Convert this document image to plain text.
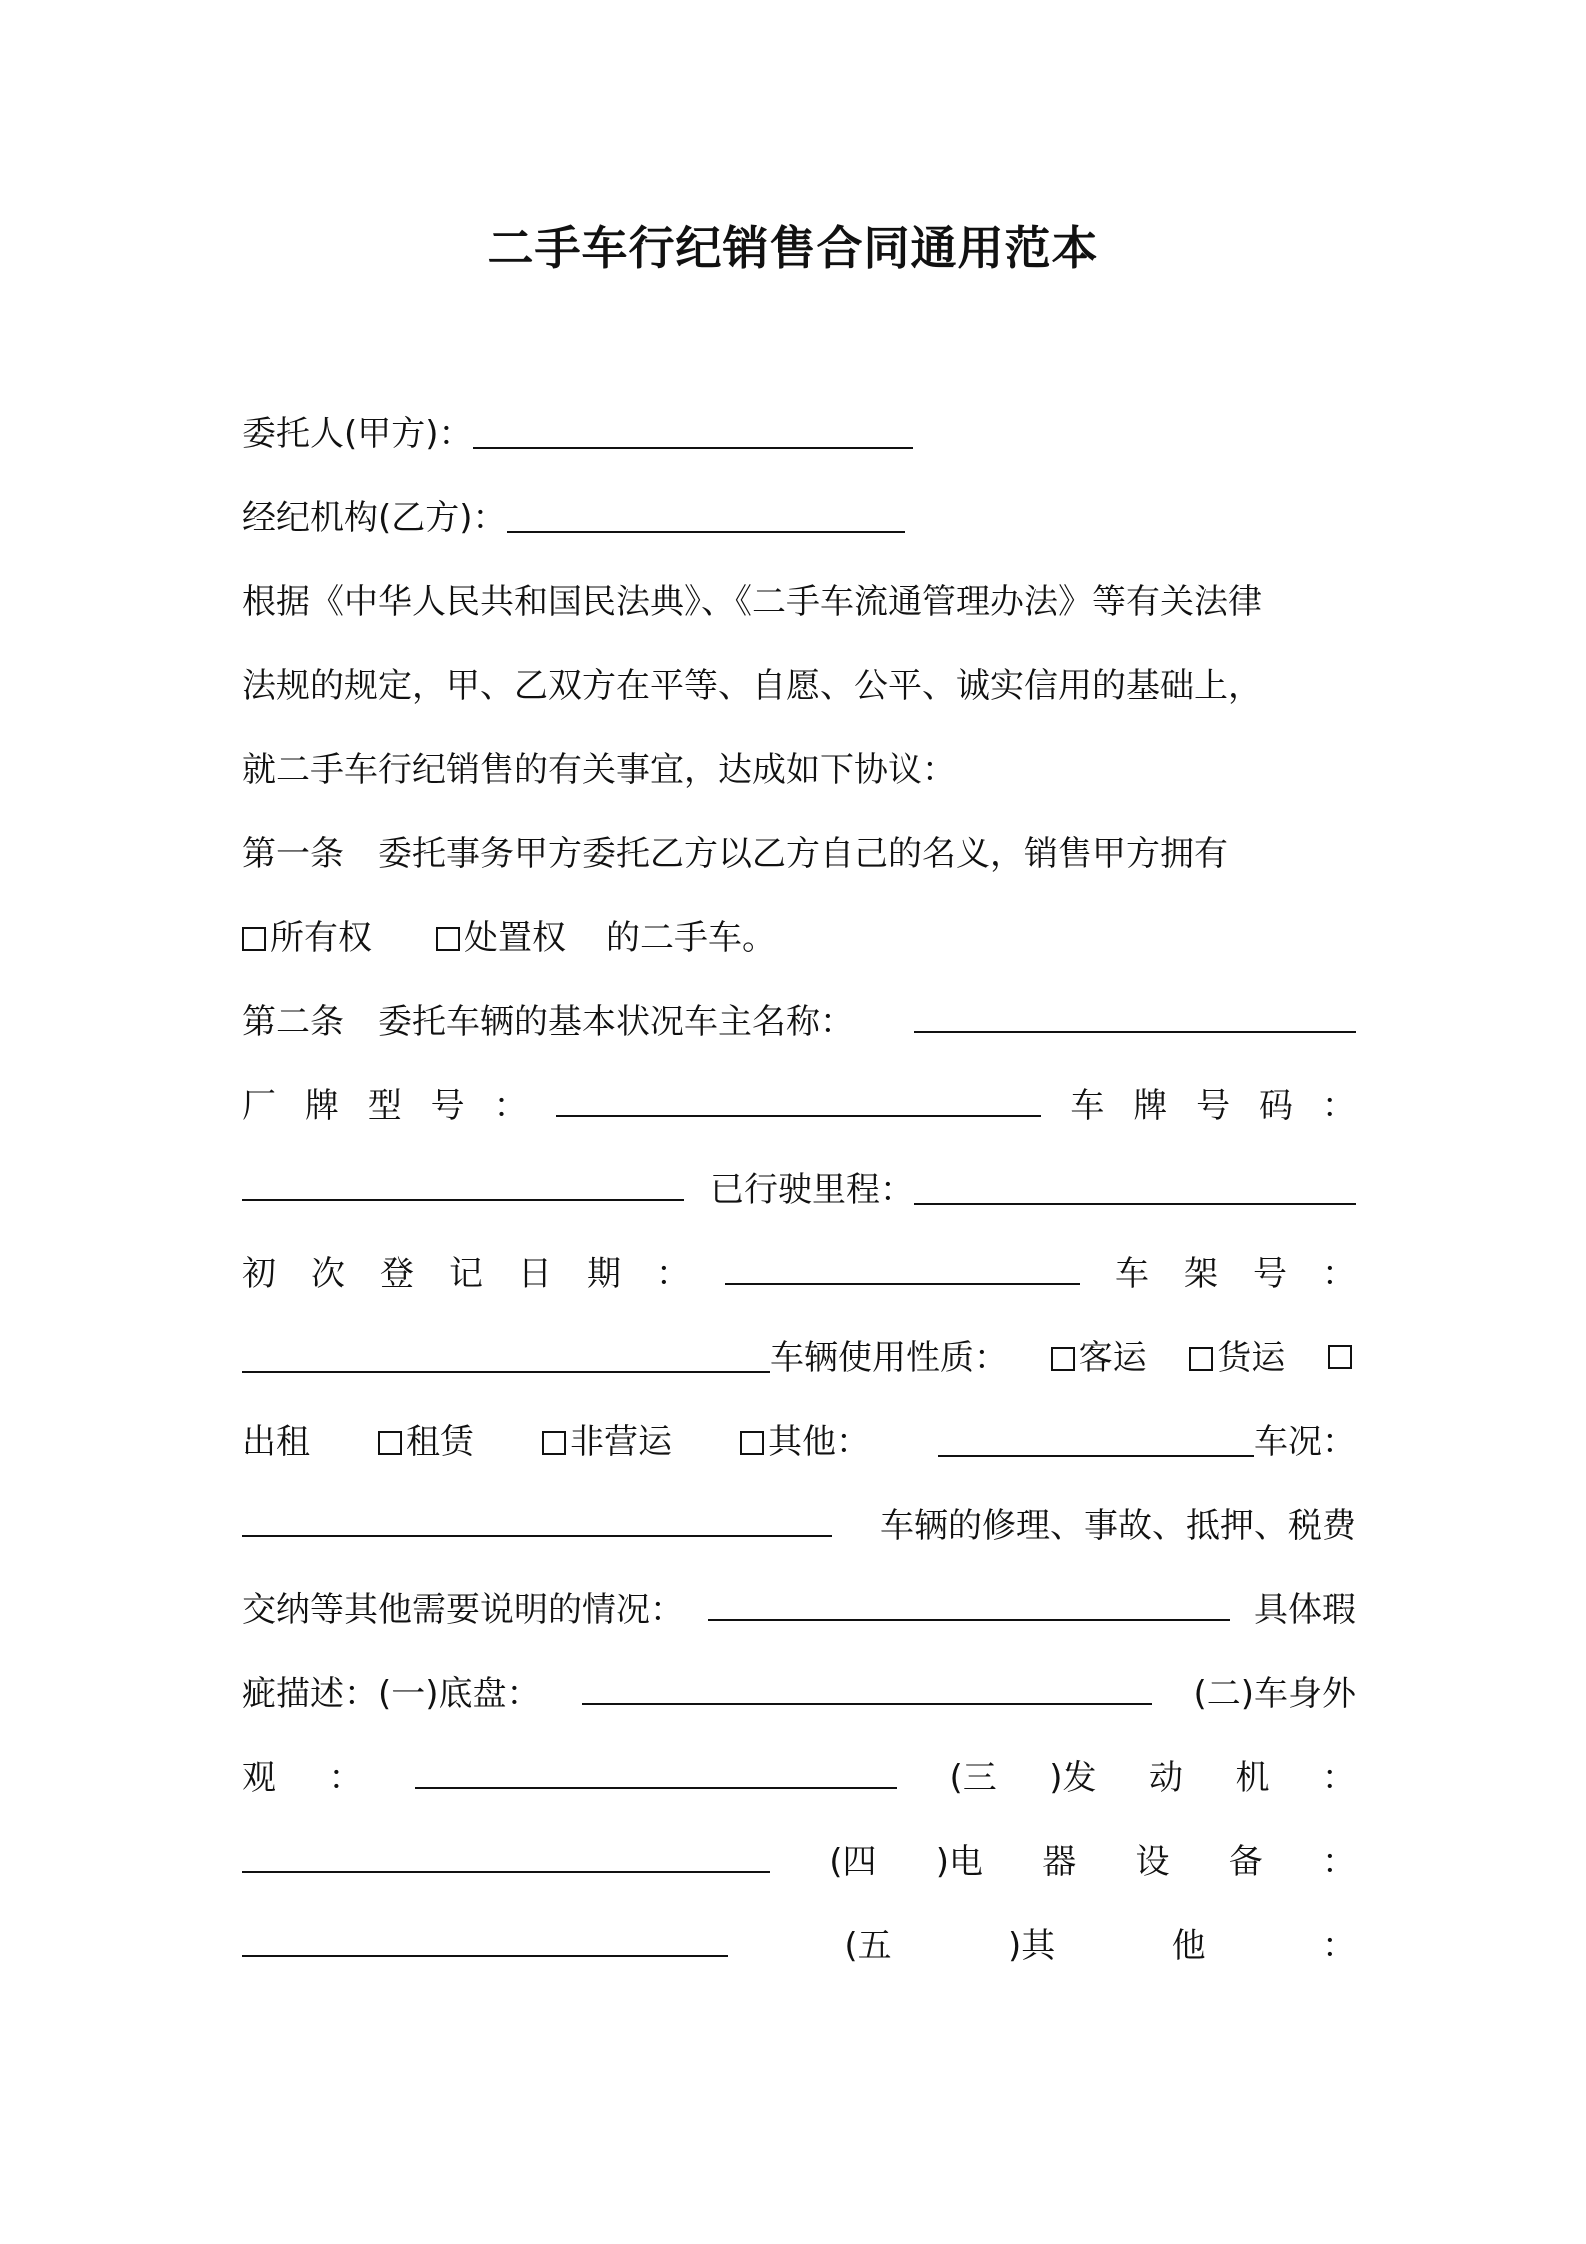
二手车行纪销售合同通用范本
委托人(甲方)：
经纪机构(乙方)：
根据《中华人民共和国民法典》、《二手车流通管理办法》等有关法律
法规的规定，甲、乙双方在平等、自愿、公平、诚实信用的基础上，
就二手车行纪销售的有关事宜，达成如下协议：
第一条　委托事务甲方委托乙方以乙方自己的名义，销售甲方拥有
所有权	处置权 的二手车。
第二条　委托车辆的基本状况车主名称：
厂 牌 型 号 ：	车 牌 号 码 ：
已行驶里程：
初 次 登 记 日 期 ：	车 架 号 ：
车辆使用性质：	客运	货运
出租	租赁	非营运	其他：	车况：
车辆的修理、事故、抵押、税费
交纳等其他需要说明的情况：	具体瑕
疵描述：(一)底盘：	(二)车身外
观 ：	(三 )发 动 机 ：
(四 )电 器 设 备 ：
(五	)其	他	：
